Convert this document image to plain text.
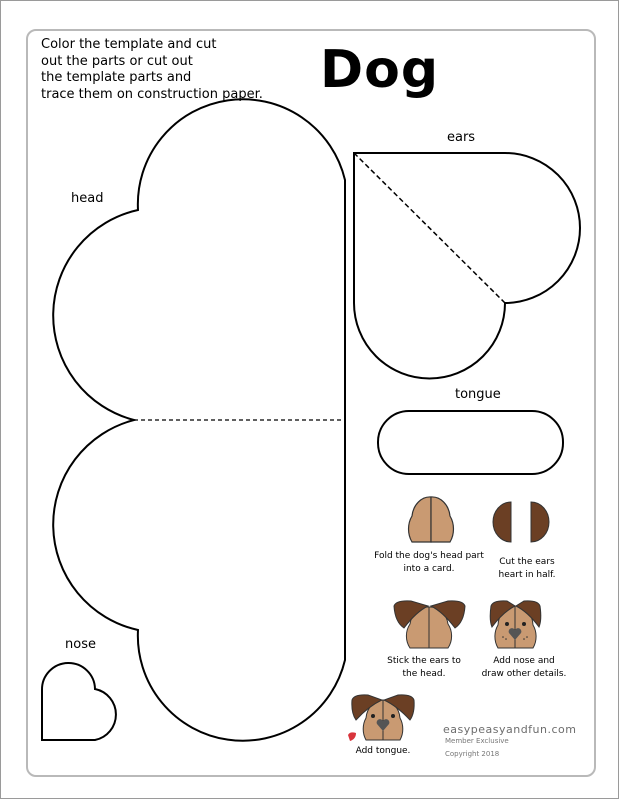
Color the template and cut
out the parts or cut out
the template parts and
trace them on construction paper.	Dog
head
ears
tongue
nose
Fold the dog's head part
into a card.
Cut the ears
heart in half.
Stick the ears to
the head.
Add nose and
draw other details.
Add tongue.
easypeasyandfun.com
Member Exclusive
Copyright 2018
